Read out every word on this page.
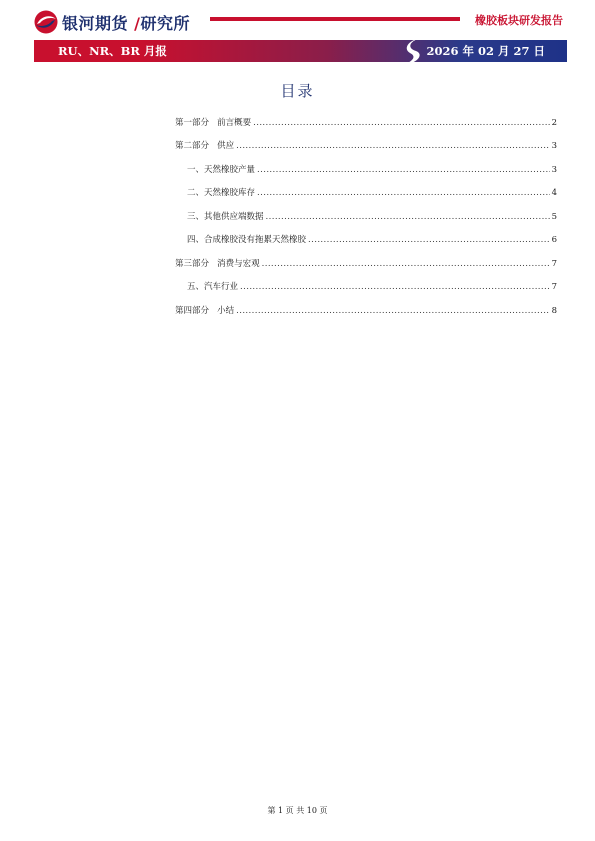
银河期货 /研究所	橡胶板块研发报告
RU、NR、BR 月报	2026 年 02 月 27 日
目录
第一部分   前言概要 .....	2
第二部分   供应 .....	3
一、天然橡胶产量 .....	3
二、天然橡胶库存 .....	4
三、其他供应端数据 .....	5
四、合成橡胶没有拖累天然橡胶 .....	6
第三部分   消费与宏观 .....	7
五、汽车行业 .....	7
第四部分   小结 .....	8
第 1 页 共 10 页
